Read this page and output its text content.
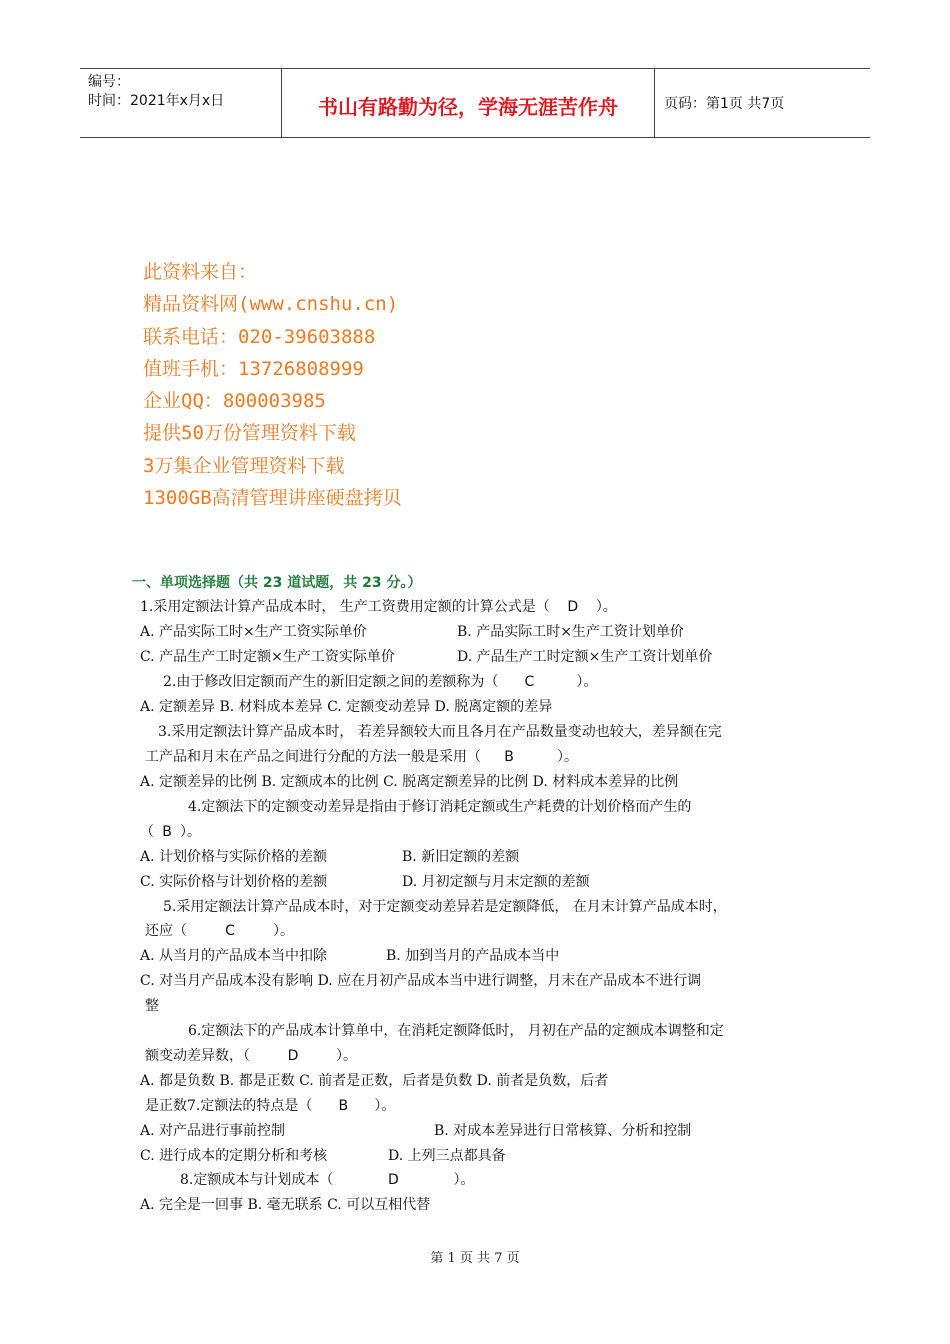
编号：
时间：2021年x月x日	书山有路勤为径，学海无涯苦作舟	页码：第1页 共7页
此资料来自：
精品资料网(www.cnshu.cn)
联系电话：020-39603888
值班手机：13726808999
企业QQ：800003985
提供50万份管理资料下载
3万集企业管理资料下载
1300GB高清管理讲座硬盘拷贝
一、单项选择题（共 23 道试题，共 23 分。）
1.采用定额法计算产品成本时， 生产工资费用定额的计算公式是（ D ）。
A. 产品实际工时×生产工资实际单价	B. 产品实际工时×生产工资计划单价
C. 产品生产工时定额×生产工资实际单价	D. 产品生产工时定额×生产工资计划单价
2.由于修改旧定额而产生的新旧定额之间的差额称为（ C	）。
A. 定额差异 B. 材料成本差异 C. 定额变动差异 D. 脱离定额的差异
3.采用定额法计算产品成本时， 若差异额较大而且各月在产品数量变动也较大，差异额在完
工产品和月末在产品之间进行分配的方法一般是采用（ B	）。
A. 定额差异的比例 B. 定额成本的比例 C. 脱离定额差异的比例 D. 材料成本差异的比例
4.定额法下的定额变动差异是指由于修订消耗定额或生产耗费的计划价格而产生的
（ B ）。
A. 计划价格与实际价格的差额	B. 新旧定额的差额
C. 实际价格与计划价格的差额	D. 月初定额与月末定额的差额
5.采用定额法计算产品成本时，对于定额变动差异若是定额降低， 在月末计算产品成本时，
还应（	C	）。
A. 从当月的产品成本当中扣除	B. 加到当月的产品成本当中
C. 对当月产品成本没有影响 D. 应在月初产品成本当中进行调整，月末在产品成本不进行调
整
6.定额法下的产品成本计算单中，在消耗定额降低时， 月初在产品的定额成本调整和定
额变动差异数，（	D	）。
A. 都是负数 B. 都是正数 C. 前者是正数，后者是负数 D. 前者是负数，后者
是正数7.定额法的特点是（ B ）。
A. 对产品进行事前控制	B. 对成本差异进行日常核算、分析和控制
C. 进行成本的定期分析和考核	D. 上列三点都具备
8.定额成本与计划成本（	D	）。
A. 完全是一回事 B. 毫无联系 C. 可以互相代替
第 1 页 共 7 页
